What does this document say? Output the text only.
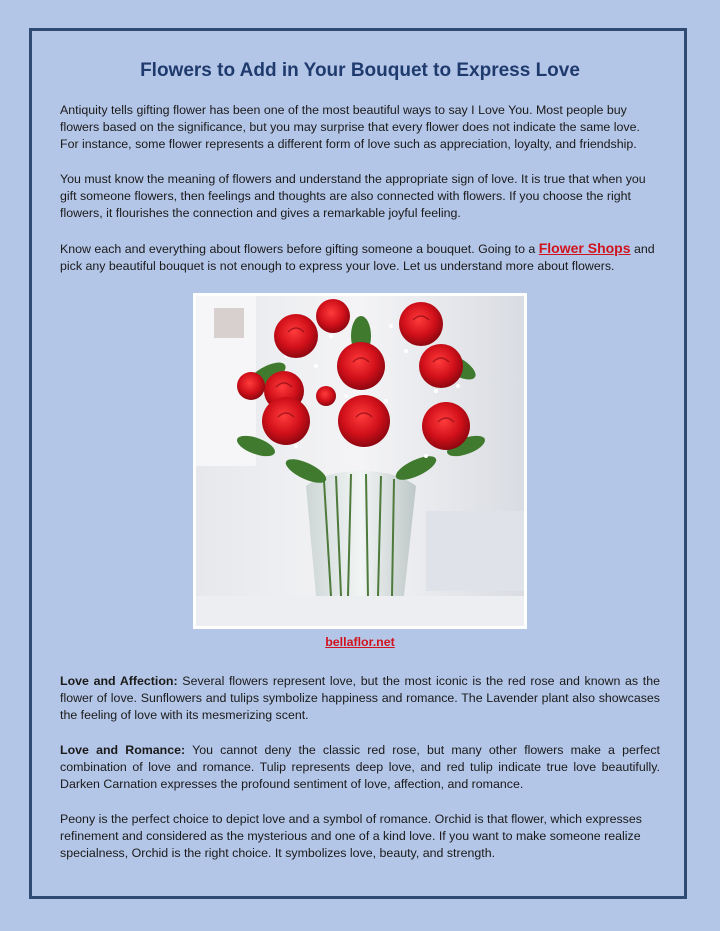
Flowers to Add in Your Bouquet to Express Love

Antiquity tells gifting flower has been one of the most beautiful ways to say I Love You. Most people buy flowers based on the significance, but you may surprise that every flower does not indicate the same love. For instance, some flower represents a different form of love such as appreciation, loyalty, and friendship.

You must know the meaning of flowers and understand the appropriate sign of love. It is true that when you gift someone flowers, then feelings and thoughts are also connected with flowers. If you choose the right flowers, it flourishes the connection and gives a remarkable joyful feeling.

Know each and everything about flowers before gifting someone a bouquet. Going to a Flower Shops and pick any beautiful bouquet is not enough to express your love. Let us understand more about flowers.

bellaflor.net

Love and Affection: Several flowers represent love, but the most iconic is the red rose and known as the flower of love. Sunflowers and tulips symbolize happiness and romance. The Lavender plant also showcases the feeling of love with its mesmerizing scent.

Love and Romance: You cannot deny the classic red rose, but many other flowers make a perfect combination of love and romance. Tulip represents deep love, and red tulip indicate true love beautifully. Darken Carnation expresses the profound sentiment of love, affection, and romance.

Peony is the perfect choice to depict love and a symbol of romance. Orchid is that flower, which expresses refinement and considered as the mysterious and one of a kind love. If you want to make someone realize specialness, Orchid is the right choice. It symbolizes love, beauty, and strength.
